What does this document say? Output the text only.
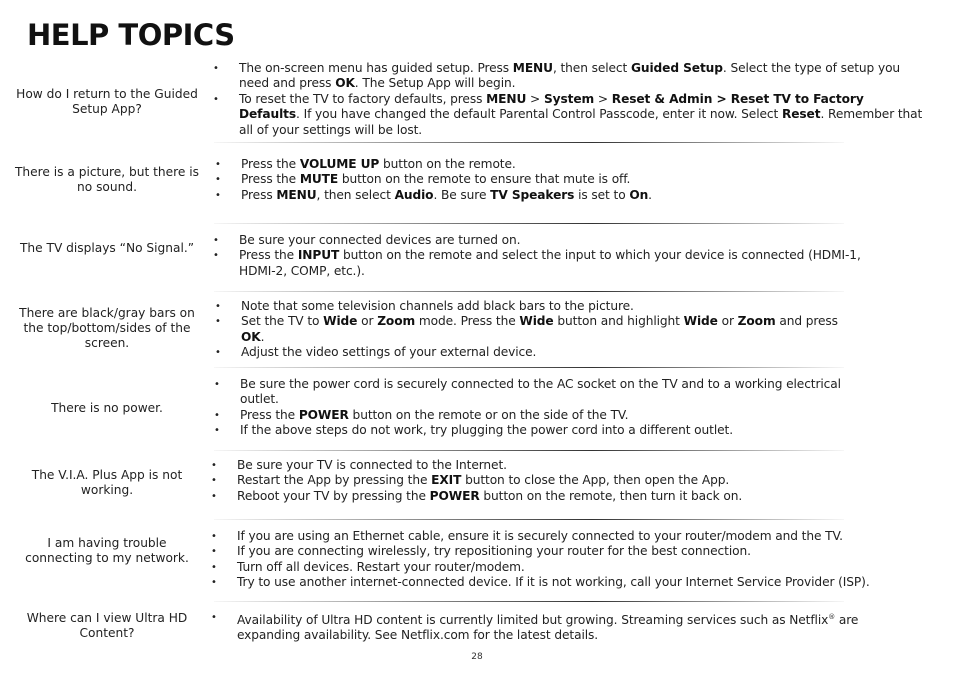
HELP TOPICS
How do I return to the Guided Setup App?
• The on-screen menu has guided setup. Press MENU, then select Guided Setup. Select the type of setup you need and press OK. The Setup App will begin.
• To reset the TV to factory defaults, press MENU > System > Reset & Admin > Reset TV to Factory Defaults. If you have changed the default Parental Control Passcode, enter it now. Select Reset. Remember that all of your settings will be lost.
There is a picture, but there is no sound.
• Press the VOLUME UP button on the remote.
• Press the MUTE button on the remote to ensure that mute is off.
• Press MENU, then select Audio. Be sure TV Speakers is set to On.
The TV displays “No Signal.”
• Be sure your connected devices are turned on.
• Press the INPUT button on the remote and select the input to which your device is connected (HDMI-1, HDMI-2, COMP, etc.).
There are black/gray bars on the top/bottom/sides of the screen.
• Note that some television channels add black bars to the picture.
• Set the TV to Wide or Zoom mode. Press the Wide button and highlight Wide or Zoom and press OK.
• Adjust the video settings of your external device.
There is no power.
• Be sure the power cord is securely connected to the AC socket on the TV and to a working electrical outlet.
• Press the POWER button on the remote or on the side of the TV.
• If the above steps do not work, try plugging the power cord into a different outlet.
The V.I.A. Plus App is not working.
• Be sure your TV is connected to the Internet.
• Restart the App by pressing the EXIT button to close the App, then open the App.
• Reboot your TV by pressing the POWER button on the remote, then turn it back on.
I am having trouble connecting to my network.
• If you are using an Ethernet cable, ensure it is securely connected to your router/modem and the TV.
• If you are connecting wirelessly, try repositioning your router for the best connection.
• Turn off all devices. Restart your router/modem.
• Try to use another internet-connected device. If it is not working, call your Internet Service Provider (ISP).
Where can I view Ultra HD Content?
• Availability of Ultra HD content is currently limited but growing. Streaming services such as Netflix® are expanding availability. See Netflix.com for the latest details.
28
